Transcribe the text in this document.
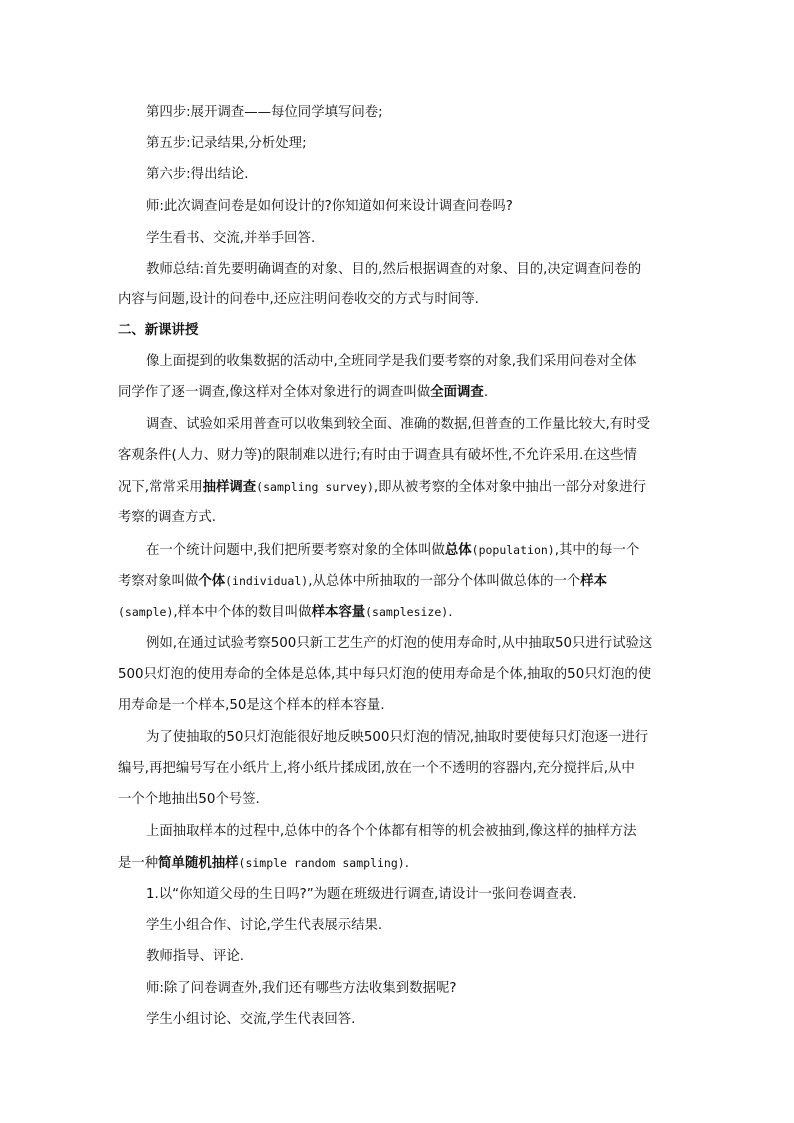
第四步:展开调查——每位同学填写问卷;
第五步:记录结果,分析处理;
第六步:得出结论.
师:此次调查问卷是如何设计的?你知道如何来设计调查问卷吗?
学生看书、交流,并举手回答.
教师总结:首先要明确调查的对象、目的,然后根据调查的对象、目的,决定调查问卷的
内容与问题,设计的问卷中,还应注明问卷收交的方式与时间等.
二、新课讲授
像上面提到的收集数据的活动中,全班同学是我们要考察的对象,我们采用问卷对全体
同学作了逐一调查,像这样对全体对象进行的调查叫做全面调查.
调查、试验如采用普查可以收集到较全面、准确的数据,但普查的工作量比较大,有时受
客观条件(人力、财力等)的限制难以进行;有时由于调查具有破坏性,不允许采用.在这些情
况下,常常采用抽样调查(sampling survey),即从被考察的全体对象中抽出一部分对象进行
考察的调查方式.
在一个统计问题中,我们把所要考察对象的全体叫做总体(population),其中的每一个
考察对象叫做个体(individual),从总体中所抽取的一部分个体叫做总体的一个样本
(sample),样本中个体的数目叫做样本容量(samplesize).
例如,在通过试验考察500只新工艺生产的灯泡的使用寿命时,从中抽取50只进行试验这
500只灯泡的使用寿命的全体是总体,其中每只灯泡的使用寿命是个体,抽取的50只灯泡的使
用寿命是一个样本,50是这个样本的样本容量.
为了使抽取的50只灯泡能很好地反映500只灯泡的情况,抽取时要使每只灯泡逐一进行
编号,再把编号写在小纸片上,将小纸片揉成团,放在一个不透明的容器内,充分搅拌后,从中
一个个地抽出50个号签.
上面抽取样本的过程中,总体中的各个个体都有相等的机会被抽到,像这样的抽样方法
是一种简单随机抽样(simple random sampling).
1.以“你知道父母的生日吗?”为题在班级进行调查,请设计一张问卷调查表.
学生小组合作、讨论,学生代表展示结果.
教师指导、评论.
师:除了问卷调查外,我们还有哪些方法收集到数据呢?
学生小组讨论、交流,学生代表回答.
